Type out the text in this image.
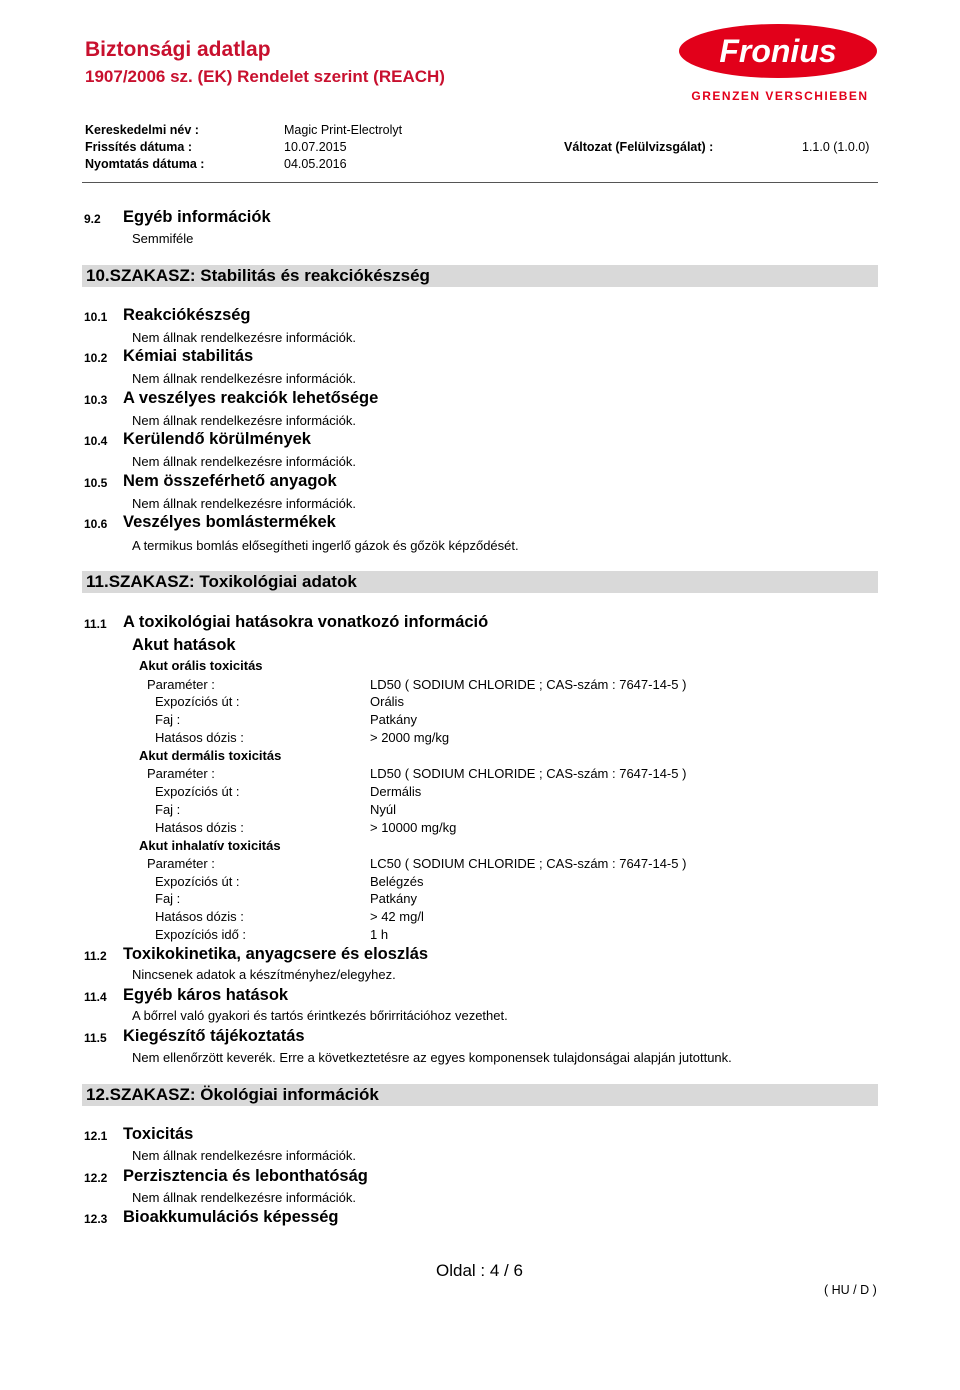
Biztonsági adatlap
1907/2006 sz. (EK) Rendelet szerint (REACH)
Fronius
GRENZEN VERSCHIEBEN
Kereskedelmi név :	Magic Print-Electrolyt
Frissítés dátuma :	10.07.2015	Változat (Felülvizsgálat) :	1.1.0 (1.0.0)
Nyomtatás dátuma :	04.05.2016
9.2 Egyéb információk
Semmiféle
10.SZAKASZ: Stabilitás és reakciókészség
10.1 Reakciókészség
Nem állnak rendelkezésre információk.
10.2 Kémiai stabilitás
Nem állnak rendelkezésre információk.
10.3 A veszélyes reakciók lehetősége
Nem állnak rendelkezésre információk.
10.4 Kerülendő körülmények
Nem állnak rendelkezésre információk.
10.5 Nem összeférhető anyagok
Nem állnak rendelkezésre információk.
10.6 Veszélyes bomlástermékek
A termikus bomlás elősegítheti ingerlő gázok és gőzök képződését.
11.SZAKASZ: Toxikológiai adatok
11.1 A toxikológiai hatásokra vonatkozó információ
Akut hatások
Akut orális toxicitás
Paraméter :	LD50 ( SODIUM CHLORIDE ; CAS-szám : 7647-14-5 )
Expozíciós út :	Orális
Faj :	Patkány
Hatásos dózis :	> 2000 mg/kg
Akut dermális toxicitás
Paraméter :	LD50 ( SODIUM CHLORIDE ; CAS-szám : 7647-14-5 )
Expozíciós út :	Dermális
Faj :	Nyúl
Hatásos dózis :	> 10000 mg/kg
Akut inhalatív toxicitás
Paraméter :	LC50 ( SODIUM CHLORIDE ; CAS-szám : 7647-14-5 )
Expozíciós út :	Belégzés
Faj :	Patkány
Hatásos dózis :	> 42 mg/l
Expozíciós idő :	1 h
11.2 Toxikokinetika, anyagcsere és eloszlás
Nincsenek adatok a készítményhez/elegyhez.
11.4 Egyéb káros hatások
A bőrrel való gyakori és tartós érintkezés bőrirritációhoz vezethet.
11.5 Kiegészítő tájékoztatás
Nem ellenőrzött keverék. Erre a következtetésre az egyes komponensek tulajdonságai alapján jutottunk.
12.SZAKASZ: Ökológiai információk
12.1 Toxicitás
Nem állnak rendelkezésre információk.
12.2 Perzisztencia és lebonthatóság
Nem állnak rendelkezésre információk.
12.3 Bioakkumulációs képesség
Oldal : 4 / 6
( HU / D )
